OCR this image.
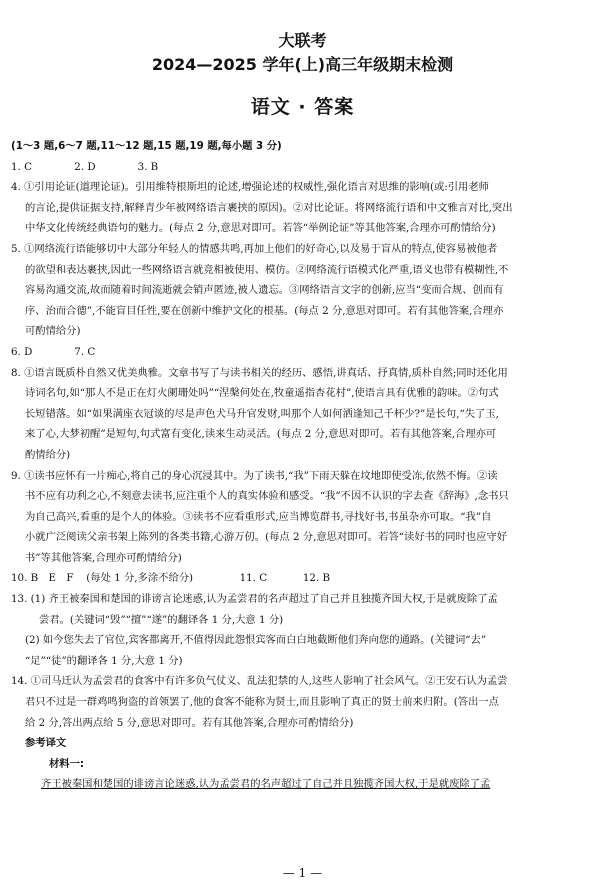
大联考
2024—2025 学年(上)高三年级期末检测
语文 · 答案
(1～3 题,6～7 题,11～12 题,15 题,19 题,每小题 3 分)
1. C	2. D	3. B
4. ①引用论证(道理论证)。引用维特根斯坦的论述,增强论述的权威性,强化语言对思维的影响(或:引用老师
的言论,提供证据支持,解释青少年被网络语言裹挟的原因)。②对比论证。将网络流行语和中文雅言对比,突出
中华文化传统经典语句的魅力。(每点 2 分,意思对即可。若答“举例论证”等其他答案,合理亦可酌情给分)
5. ①网络流行语能够切中大部分年轻人的情感共鸣,再加上他们的好奇心,以及易于盲从的特点,使容易被他者
的欲望和表达裹挟,因此一些网络语言就竞相被使用、模仿。②网络流行语模式化严重,语义也带有模糊性,不
容易沟通交流,故而随着时间流逝就会销声匿迹,被人遗忘。③网络语言文字的创新,应当“变而合规、创而有
序、治而合德”,不能盲目任性,要在创新中维护文化的根基。(每点 2 分,意思对即可。若有其他答案,合理亦
可酌情给分)
6. D	7. C
8. ①语言既质朴自然又优美典雅。文章书写了与读书相关的经历、感悟,讲真话、抒真情,质朴自然;同时还化用
诗词名句,如“那人不是正在灯火阑珊处吗”“涅槃何处在,牧童遥指杏花村”,使语言具有优雅的韵味。②句式
长短错落。如“如果满座衣冠谈的尽是声色犬马升官发财,叫那个人如何洒逢知己千杯少?”是长句,“失了玉,
来了心,大梦初醒”是短句,句式富有变化,读来生动灵活。(每点 2 分,意思对即可。若有其他答案,合理亦可
酌情给分)
9. ①读书应怀有一片痴心,将自己的身心沉浸其中。为了读书,“我”下雨天躲在坟地即使受冻,依然不悔。②读
书不应有功利之心,不刻意去读书,应注重个人的真实体验和感受。“我”不因不认识的字去查《辞海》,念书只
为自己高兴,看重的是个人的体验。③读书不应看重形式,应当博览群书,寻找好书,书虽杂亦可取。“我”自
小就广泛阅读父亲书架上陈列的各类书籍,心游万仞。(每点 2 分,意思对即可。若答“读好书的同时也应守好
书”等其他答案,合理亦可酌情给分)
10. B　E　F (每处 1 分,多涂不给分)	11. C	12. B
13. (1) 齐王被秦国和楚国的诽谤言论迷惑,认为孟尝君的名声超过了自己并且独揽齐国大权,于是就废除了孟
尝君。(关键词“毁”“擅”“遂”的翻译各 1 分,大意 1 分)
(2) 如今您失去了官位,宾客都离开,不值得因此怨恨宾客而白白地截断他们奔向您的通路。(关键词“去”
“足”“徒”的翻译各 1 分,大意 1 分)
14. ①司马迁认为孟尝君的食客中有许多负气仗义、乱法犯禁的人,这些人影响了社会风气。②王安石认为孟尝
君只不过是一群鸡鸣狗盗的首领罢了,他的食客不能称为贤士,而且影响了真正的贤士前来归附。(答出一点
给 2 分,答出两点给 5 分,意思对即可。若有其他答案,合理亦可酌情给分)
参考译文
材料一:
齐王被秦国和楚国的诽谤言论迷惑,认为孟尝君的名声超过了自己并且独揽齐国大权,于是就废除了孟
— 1 —
